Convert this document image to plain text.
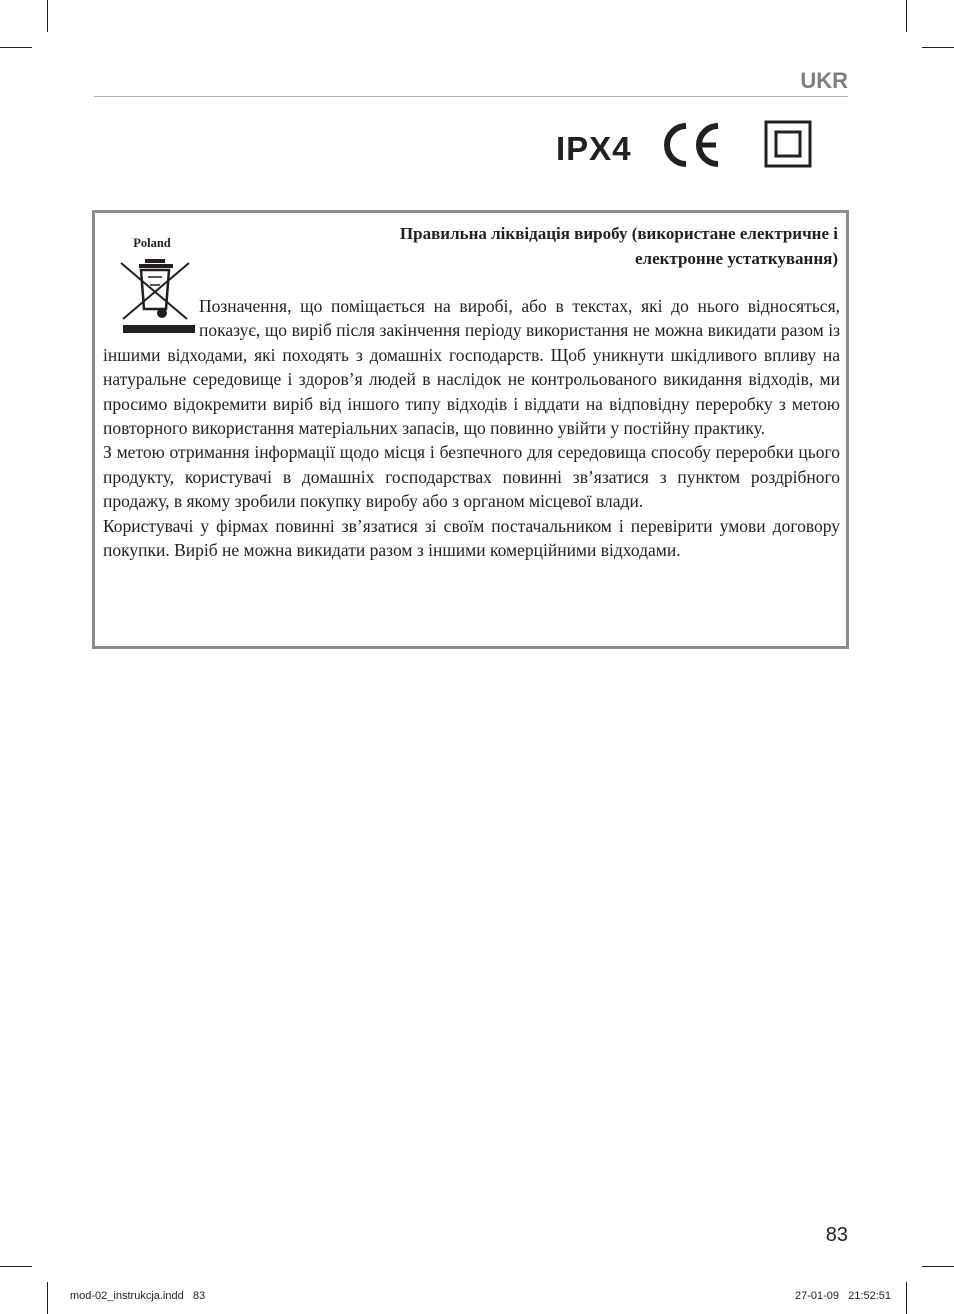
UKR
IPX4
Poland	Правильна ліквідація виробу (використане електричне і електронне устаткування)

Позначення, що поміщається на виробі, або в текстах, які до нього відносяться, показує, що виріб після закінчення періоду використання не можна викидати разом із іншими відходами, які походять з домашніх господарств. Щоб уникнути шкідливого впливу на натуральне середовище і здоров’я людей в наслідок не контрольованого викидання відходів, ми просимо відокремити виріб від іншого типу відходів і віддати на відповідну переробку з метою повторного використання матеріальних запасів, що повинно увійти у постійну практику.

З метою отримання інформації щодо місця і безпечного для середовища способу переробки цього продукту, користувачі в домашніх господарствах повинні зв’язатися з пунктом роздрібного продажу, в якому зробили покупку виробу або з органом місцевої влади.

Користувачі у фірмах повинні зв’язатися зі своїм постачальником і перевірити умови договору покупки. Виріб не можна викидати разом з іншими комерційними відходами.

83
mod-02_instrukcja.indd   83	27-01-09   21:52:51
